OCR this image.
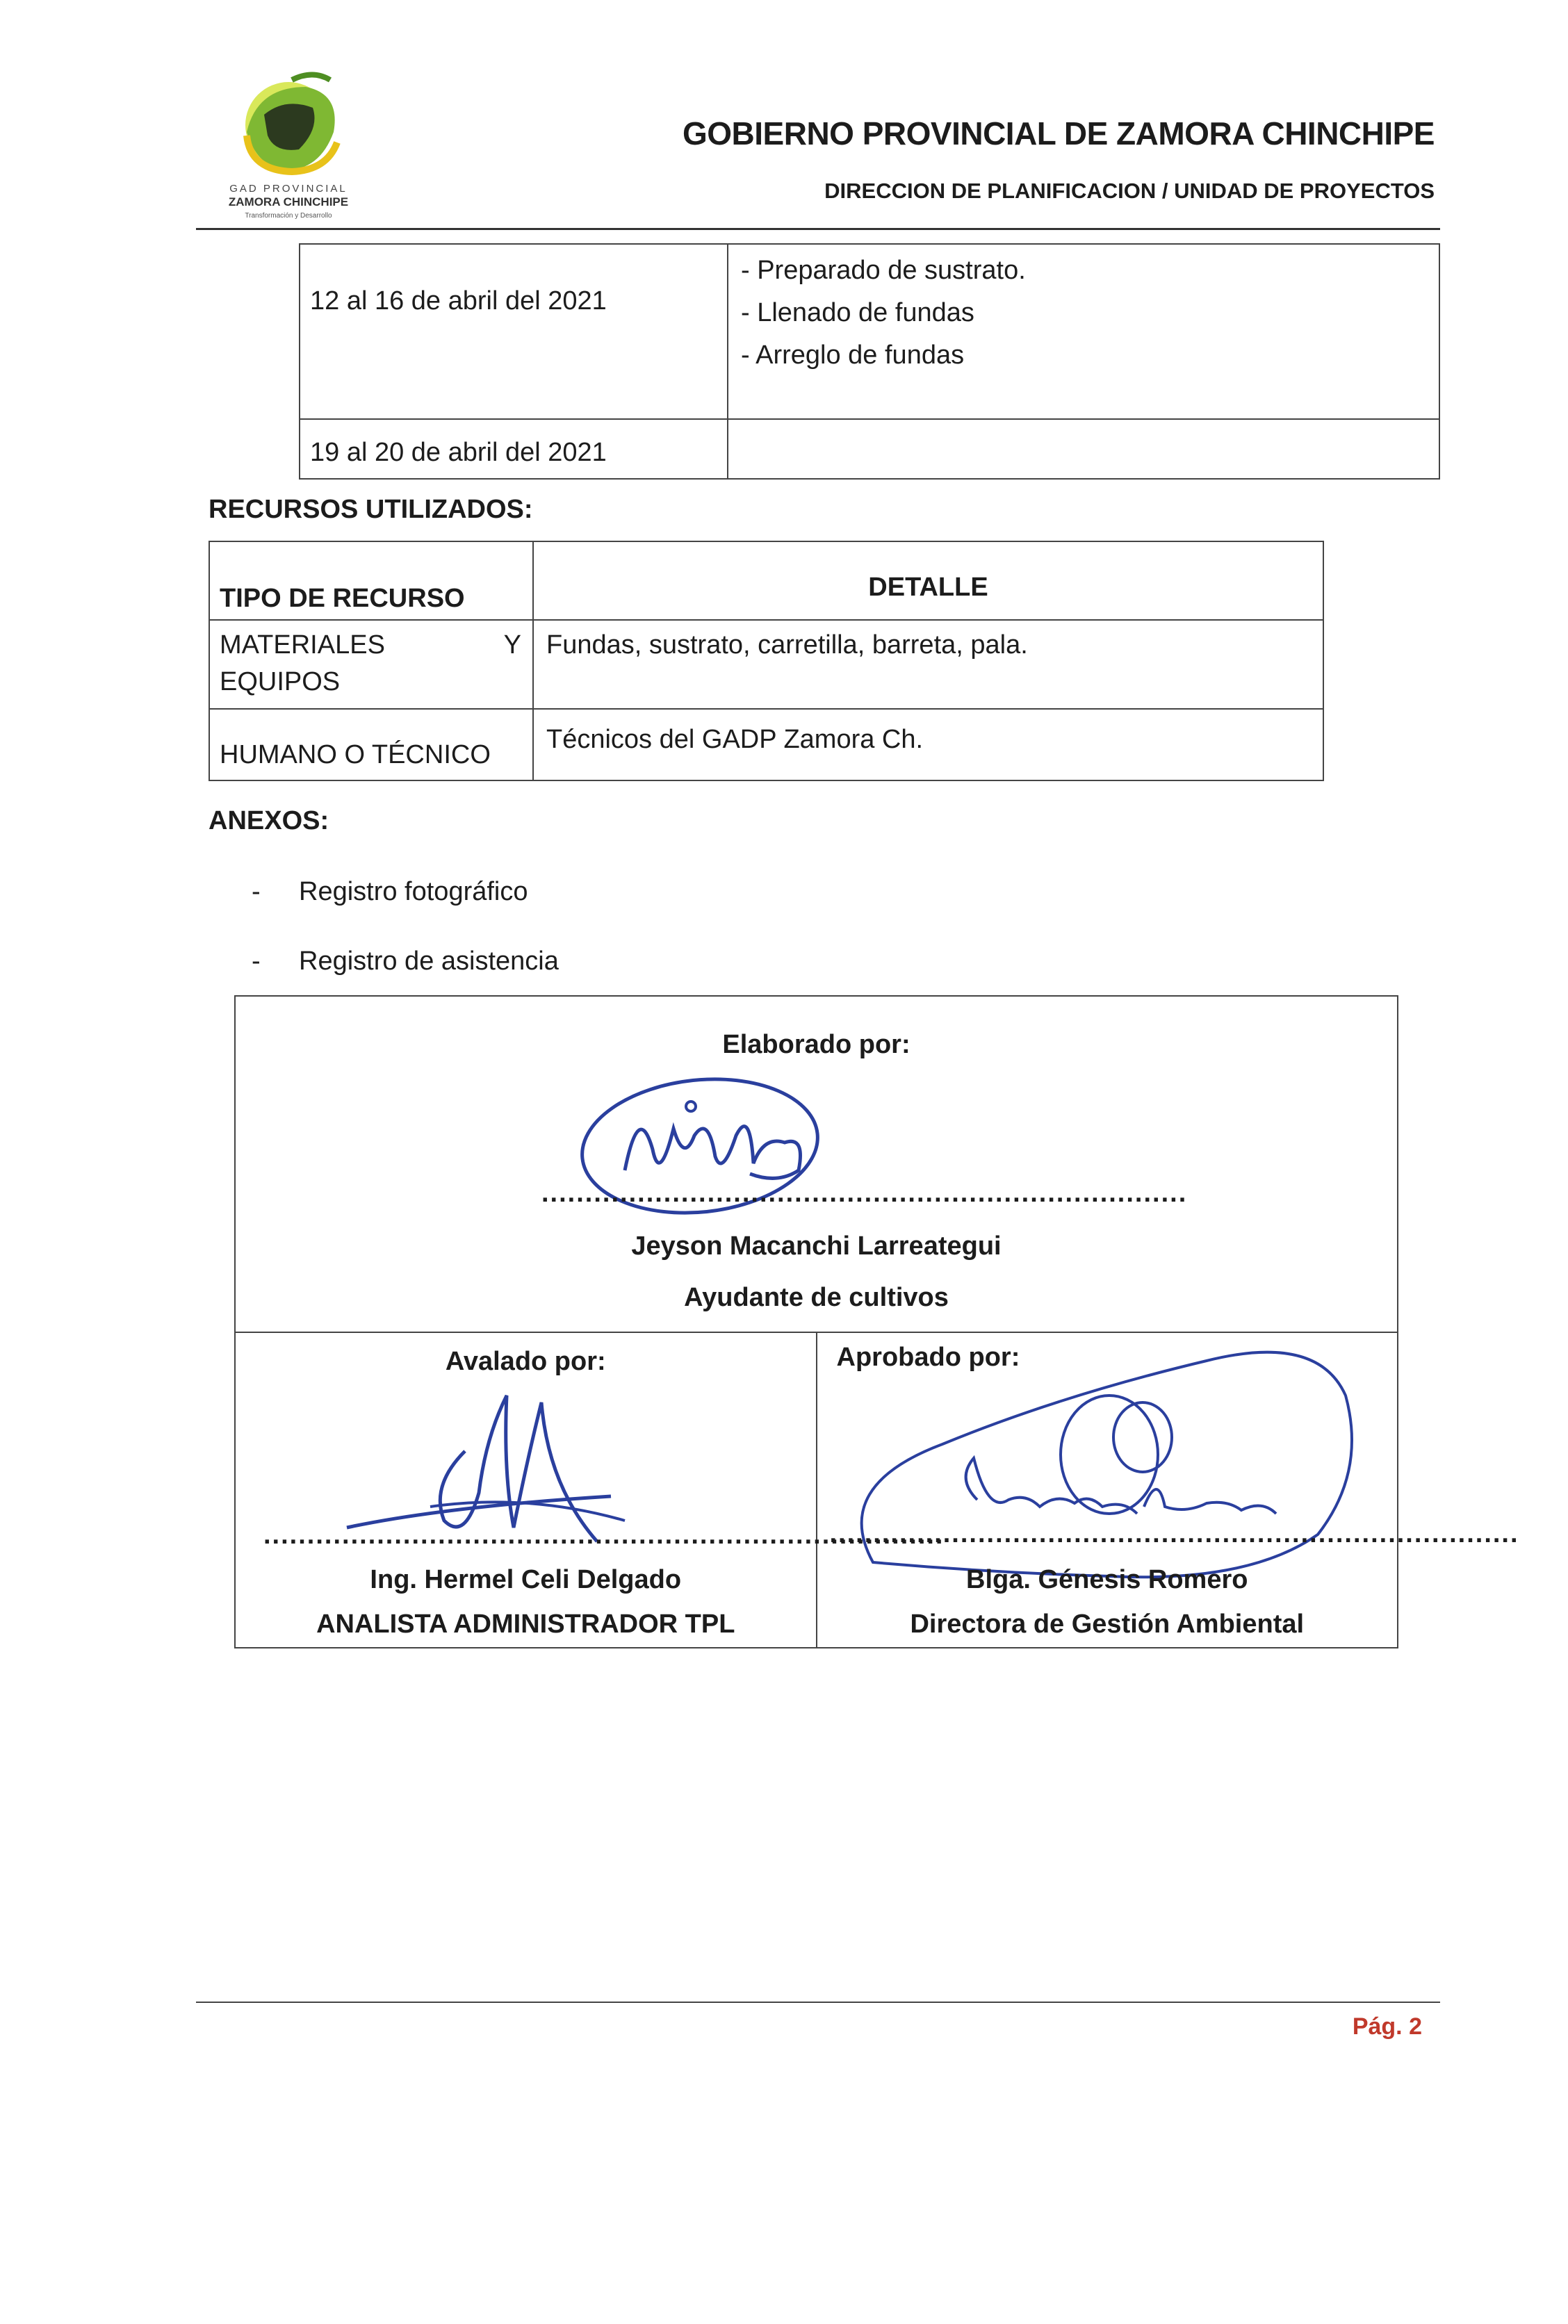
GAD PROVINCIAL
ZAMORA CHINCHIPE
Transformación y Desarrollo
GOBIERNO PROVINCIAL DE ZAMORA CHINCHIPE
DIRECCION DE PLANIFICACION / UNIDAD DE PROYECTOS
12 al 16 de abril del 2021	- Preparado de sustrato.
- Llenado de fundas
- Arreglo de fundas

19 al 20 de abril del 2021	
RECURSOS UTILIZADOS:
TIPO DE RECURSO	DETALLE

MATERIALES Y
EQUIPOS	Fundas, sustrato, carretilla, barreta, pala.
HUMANO O TÉCNICO	Técnicos del GADP Zamora Ch.
ANEXOS:
- Registro fotográfico
- Registro de asistencia
Elaborado por:
..........................................................................
Jeyson Macanchi Larreategui
Ayudante de cultivos

Avalado por:
..............................................................................
Ing. Hermel Celi Delgado
ANALISTA ADMINISTRADOR TPL

Aprobado por:
...............................................................................
Blga. Génesis Romero
Directora de Gestión Ambiental
Pág. 2
